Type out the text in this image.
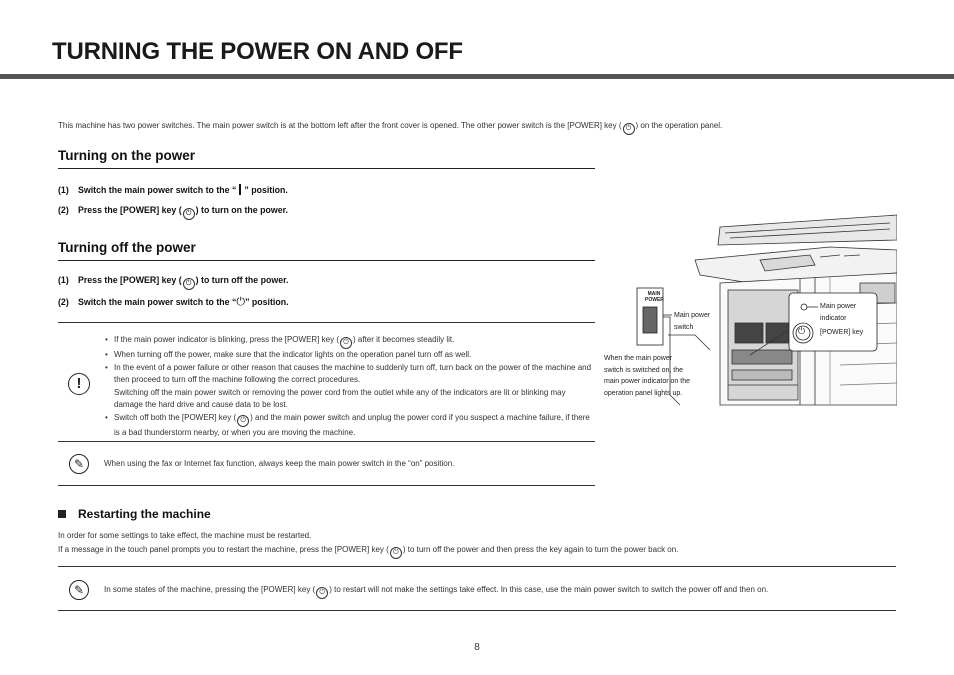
TURNING THE POWER ON AND OFF
This machine has two power switches. The main power switch is at the bottom left after the front cover is opened. The other power switch is the [POWER] key ( ⏻ ) on the operation panel.
Turning on the power
(1) Switch the main power switch to the “ ” position.
(2) Press the [POWER] key ( ⏻ ) to turn on the power.
Turning off the power
(1) Press the [POWER] key ( ⏻ ) to turn off the power.
(2) Switch the main power switch to the “⏻” position.
!
• If the main power indicator is blinking, press the [POWER] key ( ⏻ ) after it becomes steadily lit.
• When turning off the power, make sure that the indicator lights on the operation panel turn off as well.
• In the event of a power failure or other reason that causes the machine to suddenly turn off, turn back on the power of the machine and then proceed to turn off the machine following the correct procedures.
Switching off the main power switch or removing the power cord from the outlet while any of the indicators are lit or blinking may damage the hard drive and cause data to be lost.
• Switch off both the [POWER] key ( ⏻ ) and the main power switch and unplug the power cord if you suspect a machine failure, if there is a bad thunderstorm nearby, or when you are moving the machine.
✎	When using the fax or Internet fax function, always keep the main power switch in the “on” position.
Restarting the machine
In order for some settings to take effect, the machine must be restarted.
If a message in the touch panel prompts you to restart the machine, press the [POWER] key ( ⏻ ) to turn off the power and then press the key again to turn the power back on.
✎	In some states of the machine, pressing the [POWER] key ( ⏻ ) to restart will not make the settings take effect. In this case, use the main power switch to switch the power off and then on.
8
MAIN POWER
Main power
switch
Main power
indicator
[POWER] key
⏻
When the main power
switch is switched on, the
main power indicator on the
operation panel lights up.
